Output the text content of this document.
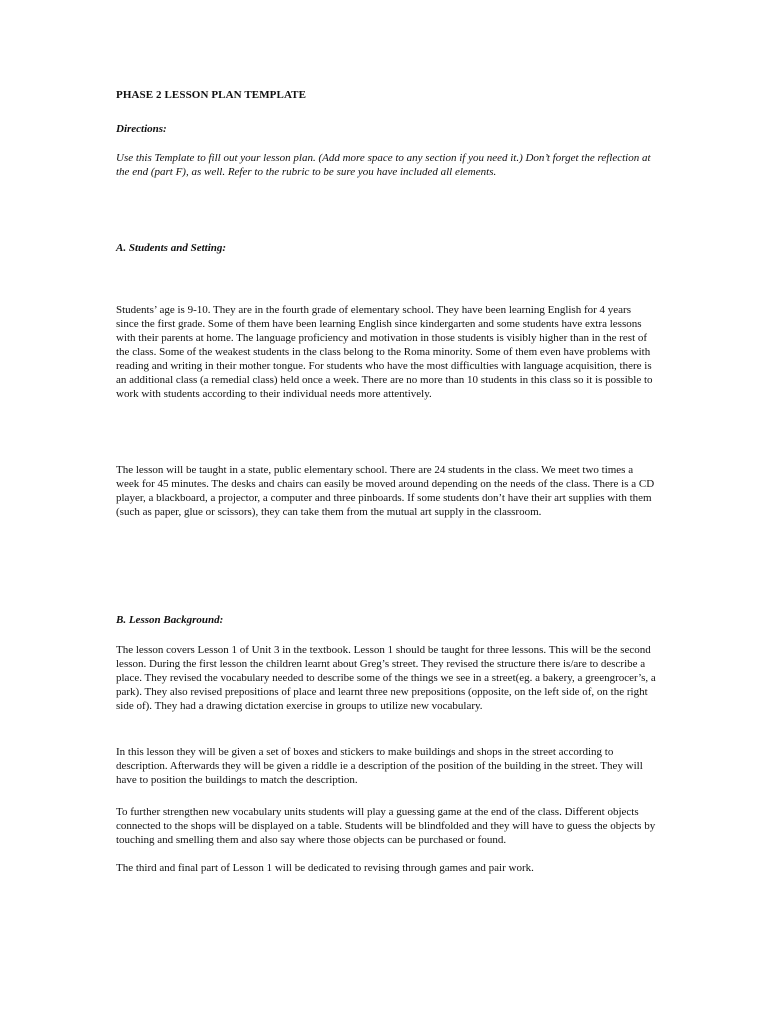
PHASE 2 LESSON PLAN TEMPLATE
Directions:

Use this Template to fill out your lesson plan. (Add more space to any section if you need it.) Don’t forget the reflection at the end (part F), as well. Refer to the rubric to be sure you have included all elements.

A. Students and Setting:

Students’ age is 9-10. They are in the fourth grade of elementary school. They have been learning English for 4 years since the first grade. Some of them have been learning English since kindergarten and some students have extra lessons with their parents at home. The language proficiency and motivation in those students is visibly higher than in the rest of the class. Some of the weakest students in the class belong to the Roma minority. Some of them even have problems with reading and writing in their mother tongue. For students who have the most difficulties with language acquisition, there is an additional class (a remedial class) held once a week. There are no more than 10 students in this class so it is possible to work with students according to their individual needs more attentively.

The lesson will be taught in a state, public elementary school. There are 24 students in the class. We meet two times a week for 45 minutes. The desks and chairs can easily be moved around depending on the needs of the class. There is a CD player, a blackboard, a projector, a computer and three pinboards. If some students don’t have their art supplies with them (such as paper, glue or scissors), they can take them from the mutual art supply in the classroom.

B. Lesson Background:

The lesson covers Lesson 1 of Unit 3 in the textbook. Lesson 1 should be taught for three lessons. This will be the second lesson. During the first lesson the children learnt about Greg’s street. They revised the structure there is/are to describe a place. They revised the vocabulary needed to describe some of the things we see in a street(eg. a bakery, a greengrocer’s, a park). They also revised prepositions of place and learnt three new prepositions (opposite, on the left side of, on the right side of). They had a drawing dictation exercise in groups to utilize new vocabulary.

In this lesson they will be given a set of boxes and stickers to make buildings and shops in the street according to description. Afterwards they will be given a riddle ie a description of the position of the building in the street. They will have to position the buildings to match the description.

To further strengthen new vocabulary units students will play a guessing game at the end of the class. Different objects connected to the shops will be displayed on a table. Students will be blindfolded and they will have to guess the objects by touching and smelling them and also say where those objects can be purchased or found.

The third and final part of Lesson 1 will be dedicated to revising through games and pair work.
